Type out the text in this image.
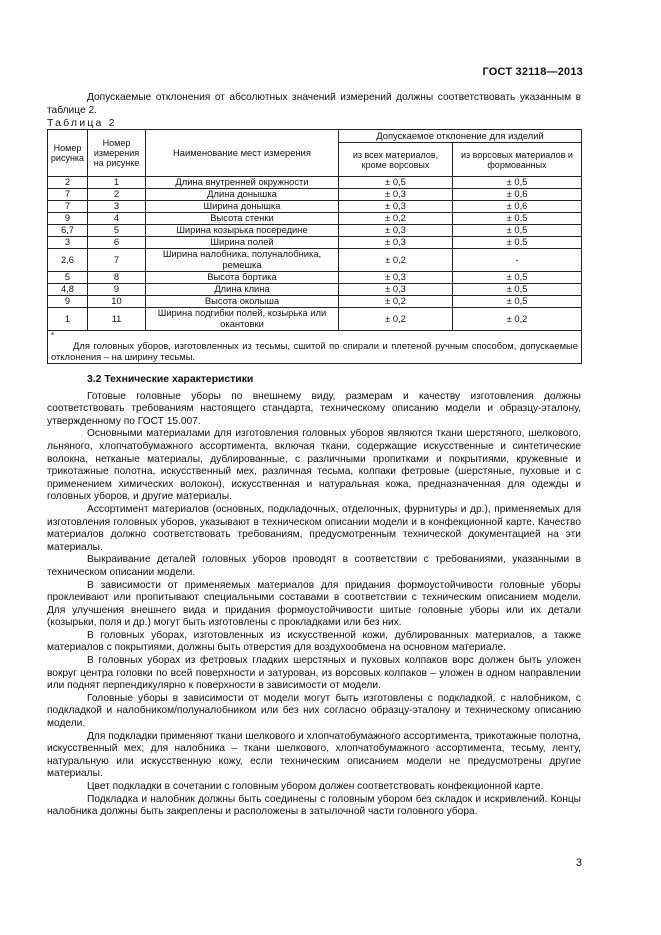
ГОСТ 32118—2013

Допускаемые отклонения от абсолютных значений измерений должны соответствовать указанным в таблице 2.

Таблица 2
Номер рисунка	Номер измерения на рисунке	Наименование мест измерения	Допускаемое отклонение для изделий	
			из всех материалов, кроме ворсовых	из ворсовых материалов и формованных
2	1	Длина внутренней окружности	± 0,5	± 0,5
7	2	Длина донышка	± 0,3	± 0,6
7	3	Ширина донышка	± 0,3	± 0,6
9	4	Высота стенки	± 0,2	± 0,5
6,7	5	Ширина козырька посередине	± 0,3	± 0,5
3	6	Ширина полей	± 0,3	± 0,5
2,6	7	Ширина налобника, полуналобника, ремешка	± 0,2	-
5	8	Высота бортика	± 0,3	± 0,5
4,8	9	Длина клина	± 0,3	± 0,5
9	10	Высота околыша	± 0,2	± 0,5
1	11	Ширина подгибки полей, козырька или окантовки	± 0,2	± 0,2

*
Для головных уборов, изготовленных из тесьмы, сшитой по спирали и плетеной ручным способом, допускаемые отклонения – на ширину тесьмы.				
3.2 Технические характеристики

Готовые головные уборы по внешнему виду, размерам и качеству изготовления должны соответствовать требованиям настоящего стандарта, техническому описанию модели и образцу-эталону, утвержденному по ГОСТ 15.007.

Основными материалами для изготовления головных уборов являются ткани шерстяного, шелкового, льняного, хлопчатобумажного ассортимента, включая ткани, содержащие искусственные и синтетические волокна, нетканые материалы, дублированные, с различными пропитками и покрытиями, кружевные и трикотажные полотна, искусственный мех, различная тесьма, колпаки фетровые (шерстяные, пуховые и с применением химических волокон), искусственная и натуральная кожа, предназначенная для одежды и головных уборов, и другие материалы.

Ассортимент материалов (основных, подкладочных, отделочных, фурнитуры и др.), применяемых для изготовления головных уборов, указывают в техническом описании модели и в конфекционной карте. Качество материалов должно соответствовать требованиям, предусмотренным технической документацией на эти материалы.

Выкраивание деталей головных уборов проводят в соответствии с требованиями, указанными в техническом описании модели.

В зависимости от применяемых материалов для придания формоустойчивости головные уборы проклеивают или пропитывают специальными составами в соответствии с техническим описанием модели. Для улучшения внешнего вида и придания формоустойчивости шитые головные уборы или их детали (козырьки, поля и др.) могут быть изготовлены с прокладками или без них.

В головных уборах, изготовленных из искусственной кожи, дублированных материалов, а также материалов с покрытиями, должны быть отверстия для воздухообмена на основном материале.

В головных уборах из фетровых гладких шерстяных и пуховых колпаков ворс должен быть уложен вокруг центра головки по всей поверхности и затурован, из ворсовых колпаков – уложен в одном направлении или поднят перпендикулярно к поверхности в зависимости от модели.

Головные уборы в зависимости от модели могут быть изготовлены с подкладкой, с налобником, с подкладкой и налобником/полуналобником или без них согласно образцу-эталону и техническому описанию модели.

Для подкладки применяют ткани шелкового и хлопчатобумажного ассортимента, трикотажные полотна, искусственный мех; для налобника – ткани шелкового, хлопчатобумажного ассортимента, тесьму, ленту, натуральную или искусственную кожу, если техническим описанием модели не предусмотрены другие материалы.

Цвет подкладки в сочетании с головным убором должен соответствовать конфекционной карте.

Подкладка и налобник должны быть соединены с головным убором без складок и искривлений. Концы налобника должны быть закреплены и расположены в затылочной части головного убора.

3
